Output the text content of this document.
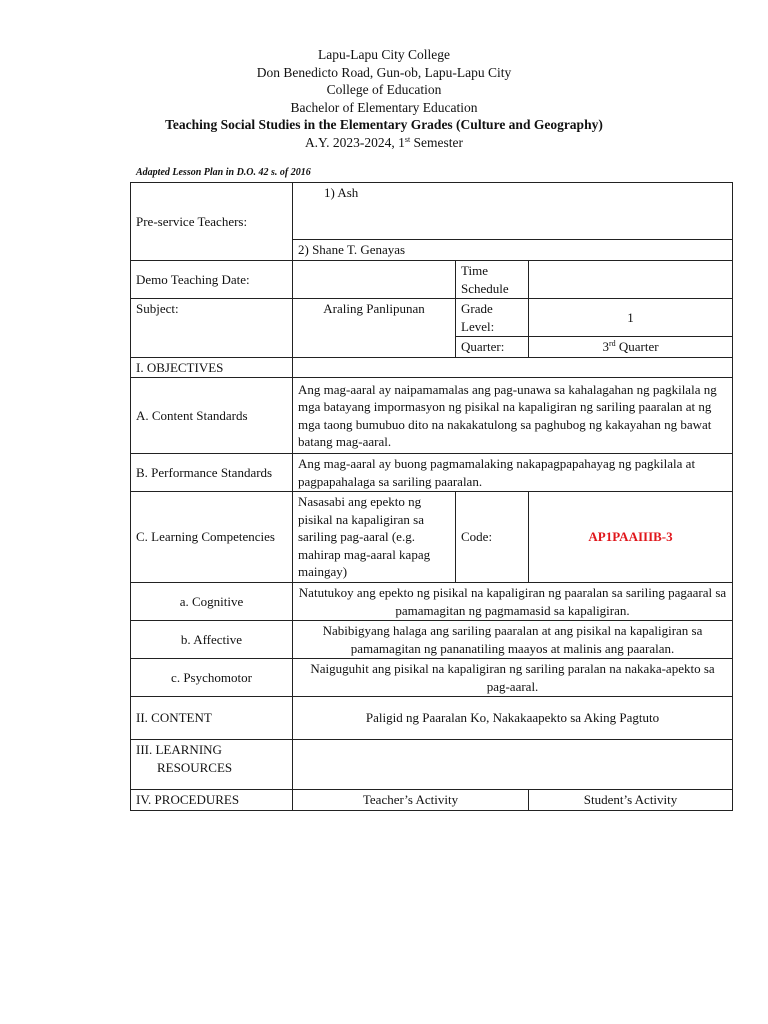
Lapu-Lapu City College
Don Benedicto Road, Gun-ob, Lapu-Lapu City
College of Education
Bachelor of Elementary Education
Teaching Social Studies in the Elementary Grades (Culture and Geography)
A.Y. 2023-2024, 1st Semester
Adapted Lesson Plan in D.O. 42 s. of 2016
Pre-service Teachers:	1) Ash		
	2) Shane T. Genayas		
Demo Teaching Date:		Time Schedule	
Subject:	Araling Panlipunan	Grade Level:	1
		Quarter:	3rd Quarter
I. OBJECTIVES			
A. Content Standards	Ang mag-aaral ay naipamamalas ang pag-unawa sa kahalagahan ng pagkilala ng mga batayang impormasyon ng pisikal na kapaligiran ng sariling paaralan at ng mga taong bumubuo dito na nakakatulong sa paghubog ng kakayahan ng bawat batang mag-aaral.		
B. Performance Standards	Ang mag-aaral ay buong pagmamalaking nakapagpapahayag ng pagkilala at pagpapahalaga sa sariling paaralan.		
C. Learning Competencies	Nasasabi ang epekto ng pisikal na kapaligiran sa sariling pag-aaral (e.g. mahirap mag-aaral kapag maingay)	Code:	AP1PAAIIIB-3
a. Cognitive	Natutukoy ang epekto ng pisikal na kapaligiran ng paaralan sa sariling pagaaral sa pamamagitan ng pagmamasid sa kapaligiran.		
b. Affective	Nabibigyang halaga ang sariling paaralan at ang pisikal na kapaligiran sa pamamagitan ng pananatiling maayos at malinis ang paaralan.		
c. Psychomotor	Naiguguhit ang pisikal na kapaligiran ng sariling paralan na nakaka-apekto sa pag-aaral.		
II. CONTENT	Paligid ng Paaralan Ko, Nakakaapekto sa Aking Pagtuto		
III. LEARNING
RESOURCES			

IV. PROCEDURES	Teacher’s Activity		Student’s Activity
